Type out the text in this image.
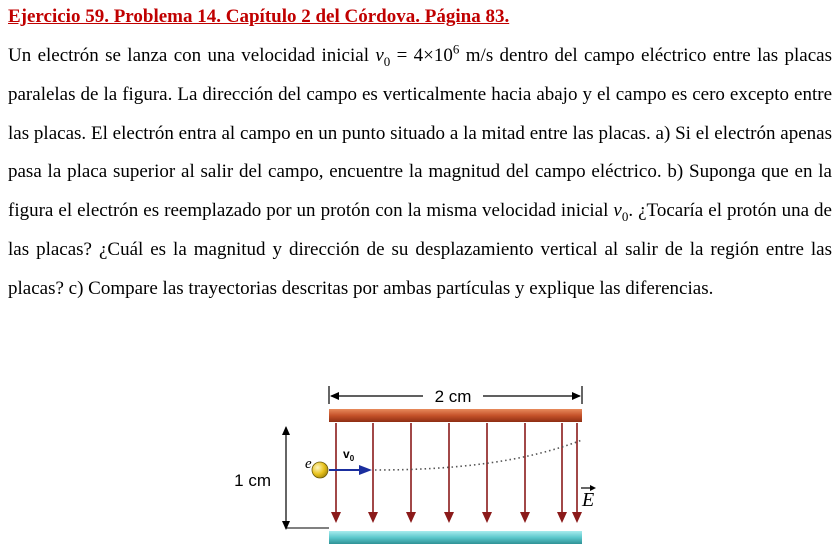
Ejercicio 59. Problema 14. Capítulo 2 del Córdova. Página 83.

Un electrón se lanza con una velocidad inicial $v_0 = 4\times 10^6$ m/s dentro del campo eléctrico entre las placas paralelas de la figura. La dirección del campo es verticalmente hacia abajo y el campo es cero excepto entre las placas. El electrón entra al campo en un punto situado a la mitad entre las placas. a) Si el electrón apenas pasa la placa superior al salir del campo, encuentre la magnitud del campo eléctrico. b) Suponga que en la figura el electrón es reemplazado por un protón con la misma velocidad inicial $v_0$. ¿Tocaría el protón una de las placas? ¿Cuál es la magnitud y dirección de su desplazamiento vertical al salir de la región entre las placas? c) Compare las trayectorias descritas por ambas partículas y explique las diferencias.

2 cm
1 cm
e
$v_0$
E
